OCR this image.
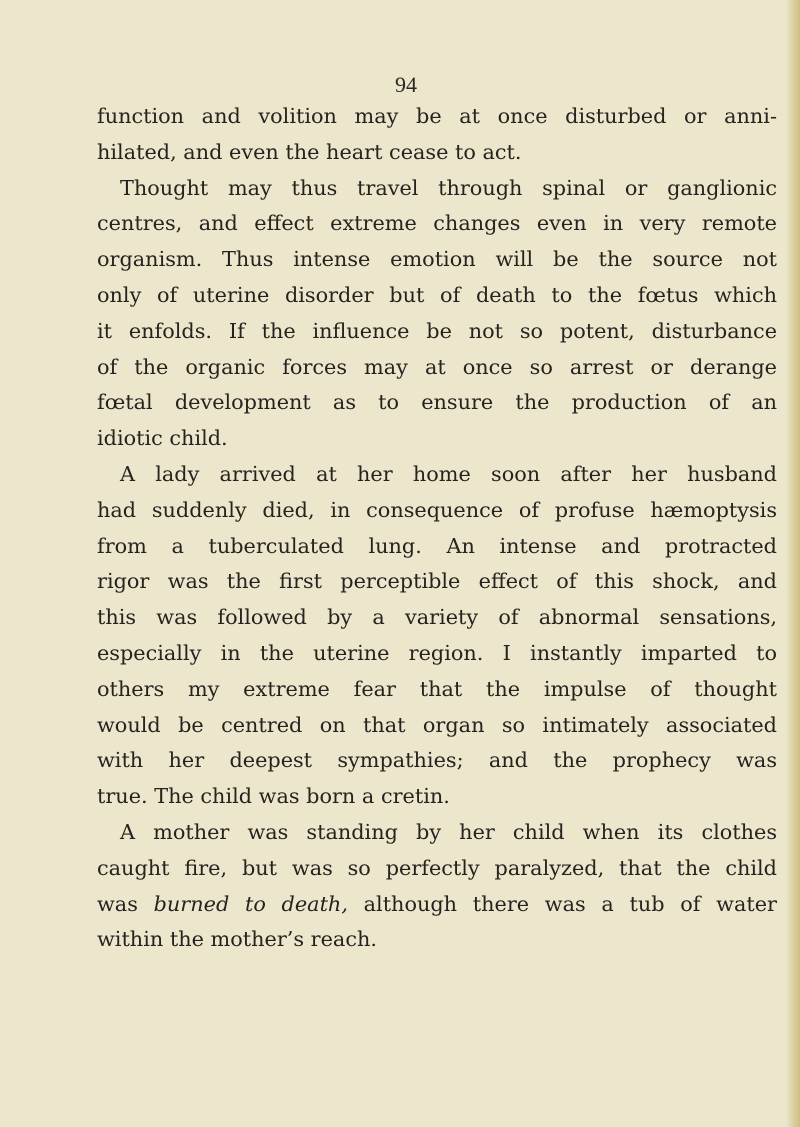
94
function and volition may be at once disturbed or anni-
hilated, and even the heart cease to act.
Thought may thus travel through spinal or ganglionic
centres, and effect extreme changes even in very remote
organism. Thus intense emotion will be the source not
only of uterine disorder but of death to the fœtus which
it enfolds. If the influence be not so potent, disturbance
of the organic forces may at once so arrest or derange
fœtal development as to ensure the production of an
idiotic child.
A lady arrived at her home soon after her husband
had suddenly died, in consequence of profuse hæmoptysis
from a tuberculated lung. An intense and protracted
rigor was the first perceptible effect of this shock, and
this was followed by a variety of abnormal sensations,
especially in the uterine region. I instantly imparted to
others my extreme fear that the impulse of thought
would be centred on that organ so intimately associated
with her deepest sympathies; and the prophecy was
true. The child was born a cretin.
A mother was standing by her child when its clothes
caught fire, but was so perfectly paralyzed, that the child
was burned to death, although there was a tub of water
within the mother’s reach.
